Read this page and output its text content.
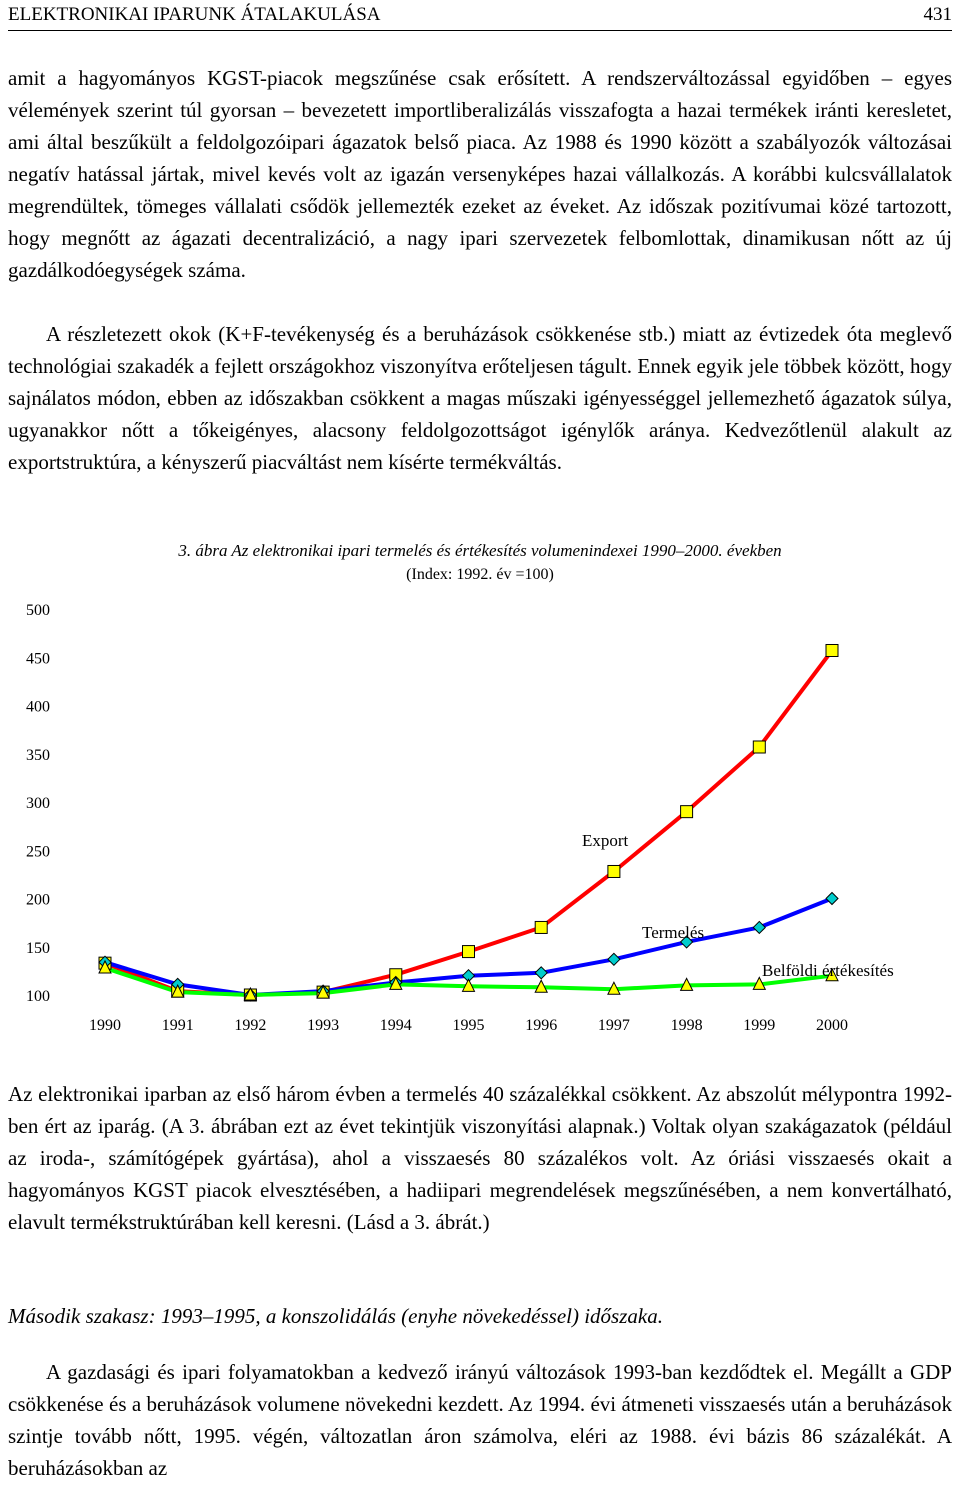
ELEKTRONIKAI IPARUNK ÁTALAKULÁSA	431

amit a hagyományos KGST-piacok megszűnése csak erősített. A rendszerváltozással egyidőben – egyes vélemények szerint túl gyorsan – bevezetett importliberalizálás visszafogta a hazai termékek iránti keresletet, ami által beszűkült a feldolgozóipari ágazatok belső piaca. Az 1988 és 1990 között a szabályozók változásai negatív hatással jártak, mivel kevés volt az igazán versenyképes hazai vállalkozás. A korábbi kulcsvállalatok megrendültek, tömeges vállalati csődök jellemezték ezeket az éveket. Az időszak pozitívumai közé tartozott, hogy megnőtt az ágazati decentralizáció, a nagy ipari szervezetek felbomlottak, dinamikusan nőtt az új gazdálkodóegységek száma.

A részletezett okok (K+F-tevékenység és a beruházások csökkenése stb.) miatt az évtizedek óta meglevő technológiai szakadék a fejlett országokhoz viszonyítva erőteljesen tágult. Ennek egyik jele többek között, hogy sajnálatos módon, ebben az időszakban csökkent a magas műszaki igényességgel jellemezhető ágazatok súlya, ugyanakkor nőtt a tőkeigényes, alacsony feldolgozottságot igénylők aránya. Kedvezőtlenül alakult az exportstruktúra, a kényszerű piacváltást nem kísérte termékváltás.

3. ábra Az elektronikai ipari termelés és értékesítés volumenindexei 1990–2000. években
(Index: 1992. év =100)
500
450
400
350
300
250
200
150
100
1990	1991	1992	1993	1994	1995	1996	1997	1998	1999	2000
Export
Termelés
Belföldi értékesítés

Az elektronikai iparban az első három évben a termelés 40 százalékkal csökkent. Az abszolút mélypontra 1992-ben ért az iparág. (A 3. ábrában ezt az évet tekintjük viszonyítási alapnak.) Voltak olyan szakágazatok (például az iroda-, számítógépek gyártása), ahol a visszaesés 80 százalékos volt. Az óriási visszaesés okait a hagyományos KGST piacok elvesztésében, a hadiipari megrendelések megszűnésében, a nem konvertálható, elavult termékstruktúrában kell keresni. (Lásd a 3. ábrát.)

Második szakasz: 1993–1995, a konszolidálás (enyhe növekedéssel) időszaka.

A gazdasági és ipari folyamatokban a kedvező irányú változások 1993-ban kezdődtek el. Megállt a GDP csökkenése és a beruházások volumene növekedni kezdett. Az 1994. évi átmeneti visszaesés után a beruházások szintje tovább nőtt, 1995. végén, változatlan áron számolva, eléri az 1988. évi bázis 86 százalékát. A beruházásokban az
